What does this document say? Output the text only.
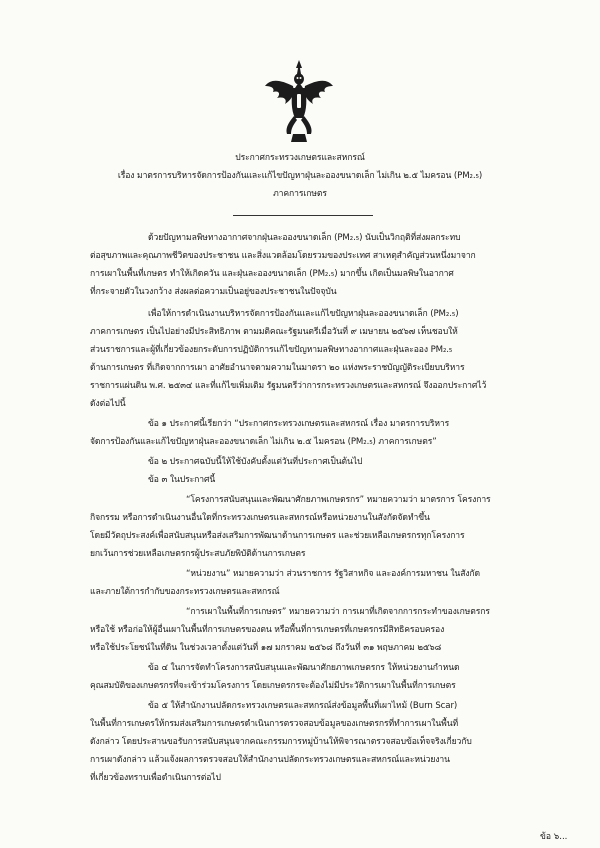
ประกาศกระทรวงเกษตรและสหกรณ์
เรื่อง มาตรการบริหารจัดการป้องกันและแก้ไขปัญหาฝุ่นละอองขนาดเล็ก ไม่เกิน ๒.๕ ไมครอน (PM₂.₅)
ภาคการเกษตร
ด้วยปัญหามลพิษทางอากาศจากฝุ่นละอองขนาดเล็ก (PM₂.₅) นับเป็นวิกฤติที่ส่งผลกระทบ
ต่อสุขภาพและคุณภาพชีวิตของประชาชน และสิ่งแวดล้อมโดยรวมของประเทศ สาเหตุสำคัญส่วนหนึ่งมาจาก
การเผาในพื้นที่เกษตร ทำให้เกิดควัน และฝุ่นละอองขนาดเล็ก (PM₂.₅) มากขึ้น เกิดเป็นมลพิษในอากาศ
ที่กระจายตัวในวงกว้าง ส่งผลต่อความเป็นอยู่ของประชาชนในปัจจุบัน
เพื่อให้การดำเนินงานบริหารจัดการป้องกันและแก้ไขปัญหาฝุ่นละอองขนาดเล็ก (PM₂.₅)
ภาคการเกษตร เป็นไปอย่างมีประสิทธิภาพ ตามมติคณะรัฐมนตรีเมื่อวันที่ ๙ เมษายน ๒๕๖๗ เห็นชอบให้
ส่วนราชการและผู้ที่เกี่ยวข้องยกระดับการปฏิบัติการแก้ไขปัญหามลพิษทางอากาศและฝุ่นละออง PM₂.₅
ด้านการเกษตร ที่เกิดจากการเผา อาศัยอำนาจตามความในมาตรา ๒๐ แห่งพระราชบัญญัติระเบียบบริหาร
ราชการแผ่นดิน พ.ศ. ๒๕๓๔ และที่แก้ไขเพิ่มเติม รัฐมนตรีว่าการกระทรวงเกษตรและสหกรณ์ จึงออกประกาศไว้
ดังต่อไปนี้
ข้อ ๑ ประกาศนี้เรียกว่า “ประกาศกระทรวงเกษตรและสหกรณ์ เรื่อง มาตรการบริหาร
จัดการป้องกันและแก้ไขปัญหาฝุ่นละอองขนาดเล็ก ไม่เกิน ๒.๕ ไมครอน (PM₂.₅) ภาคการเกษตร”
ข้อ ๒ ประกาศฉบับนี้ให้ใช้บังคับตั้งแต่วันที่ประกาศเป็นต้นไป
ข้อ ๓ ในประกาศนี้
“โครงการสนับสนุนและพัฒนาศักยภาพเกษตรกร” หมายความว่า มาตรการ โครงการ
กิจกรรม หรือการดำเนินงานอื่นใดที่กระทรวงเกษตรและสหกรณ์หรือหน่วยงานในสังกัดจัดทำขึ้น
โดยมีวัตถุประสงค์เพื่อสนับสนุนหรือส่งเสริมการพัฒนาด้านการเกษตร และช่วยเหลือเกษตรกรทุกโครงการ
ยกเว้นการช่วยเหลือเกษตรกรผู้ประสบภัยพิบัติด้านการเกษตร
“หน่วยงาน” หมายความว่า ส่วนราชการ รัฐวิสาหกิจ และองค์การมหาชน ในสังกัด
และภายใต้การกำกับของกระทรวงเกษตรและสหกรณ์
“การเผาในพื้นที่การเกษตร” หมายความว่า การเผาที่เกิดจากการกระทำของเกษตรกร
หรือใช้ หรือก่อให้ผู้อื่นเผาในพื้นที่การเกษตรของตน หรือพื้นที่การเกษตรที่เกษตรกรมีสิทธิครอบครอง
หรือใช้ประโยชน์ในที่ดิน ในช่วงเวลาตั้งแต่วันที่ ๑๗ มกราคม ๒๕๖๘ ถึงวันที่ ๓๑ พฤษภาคม ๒๕๖๘
ข้อ ๔ ในการจัดทำโครงการสนับสนุนและพัฒนาศักยภาพเกษตรกร ให้หน่วยงานกำหนด
คุณสมบัติของเกษตรกรที่จะเข้าร่วมโครงการ โดยเกษตรกรจะต้องไม่มีประวัติการเผาในพื้นที่การเกษตร
ข้อ ๕ ให้สำนักงานปลัดกระทรวงเกษตรและสหกรณ์ส่งข้อมูลพื้นที่เผาไหม้ (Burn Scar)
ในพื้นที่การเกษตรให้กรมส่งเสริมการเกษตรดำเนินการตรวจสอบข้อมูลของเกษตรกรที่ทำการเผาในพื้นที่
ดังกล่าว โดยประสานขอรับการสนับสนุนจากคณะกรรมการหมู่บ้านให้พิจารณาตรวจสอบข้อเท็จจริงเกี่ยวกับ
การเผาดังกล่าว แล้วแจ้งผลการตรวจสอบให้สำนักงานปลัดกระทรวงเกษตรและสหกรณ์และหน่วยงาน
ที่เกี่ยวข้องทราบเพื่อดำเนินการต่อไป
ข้อ ๖...
